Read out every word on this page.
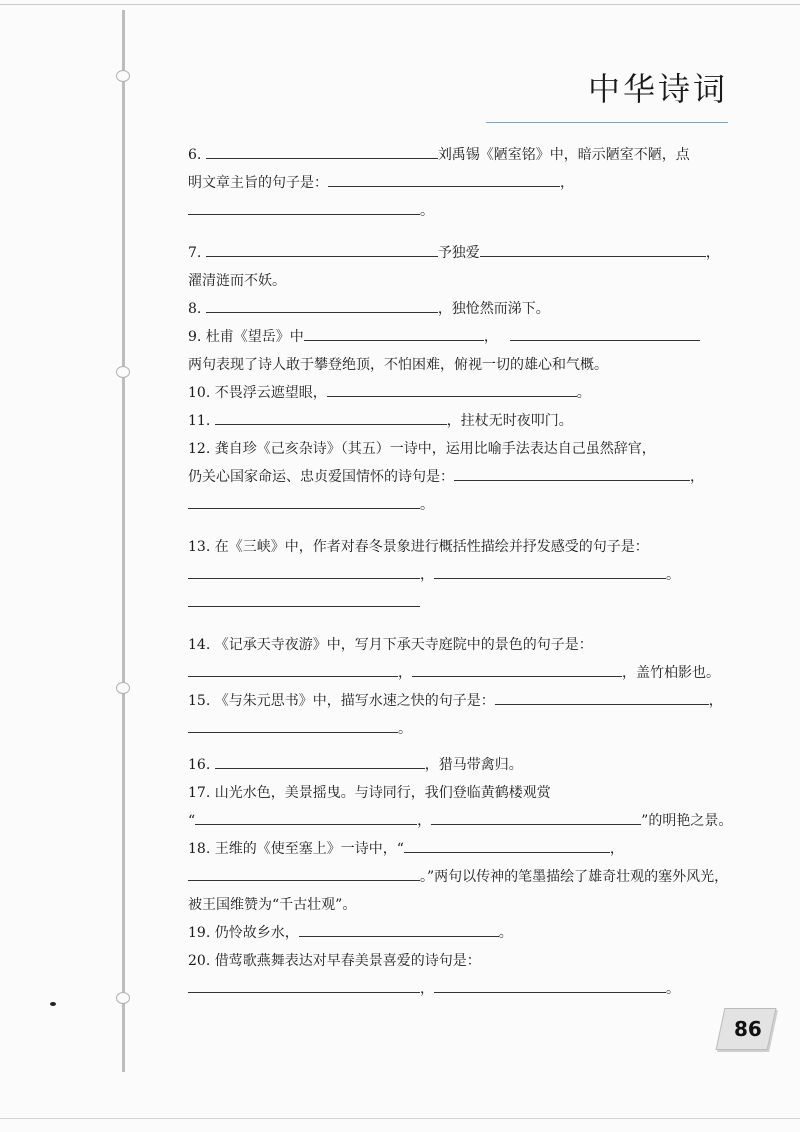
中华诗词
6.	刘禹锡《陋室铭》中，暗示陋室不陋，点
明文章主旨的句子是：	，
。
7.	予独爱	，
濯清涟而不妖。
8.	，独怆然而涕下。
9. 杜甫《望岳》中	，
两句表现了诗人敢于攀登绝顶，不怕困难，俯视一切的雄心和气概。
10. 不畏浮云遮望眼，	。
11.	，拄杖无时夜叩门。
12. 龚自珍《己亥杂诗》（其五）一诗中，运用比喻手法表达自己虽然辞官，
仍关心国家命运、忠贞爱国情怀的诗句是：	，
。
13. 在《三峡》中，作者对春冬景象进行概括性描绘并抒发感受的句子是：
，	。
14. 《记承天寺夜游》中，写月下承天寺庭院中的景色的句子是：
，	，盖竹柏影也。
15. 《与朱元思书》中，描写水速之快的句子是：	，
。
16.	，猎马带禽归。
17. 山光水色，美景摇曳。与诗同行，我们登临黄鹤楼观赏
“	，	”的明艳之景。
18. 王维的《使至塞上》一诗中，“	，
。”两句以传神的笔墨描绘了雄奇壮观的塞外风光，
被王国维赞为“千古壮观”。
19. 仍怜故乡水，	。
20. 借莺歌燕舞表达对早春美景喜爱的诗句是：
，	。
86
